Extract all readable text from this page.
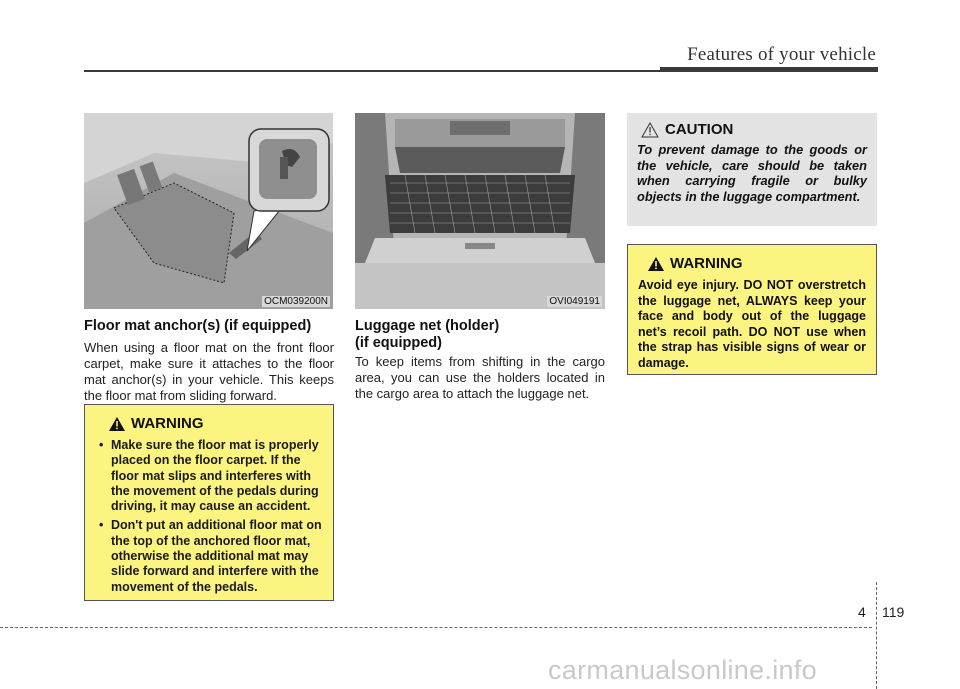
Features of your vehicle
OCM039200N	OVI049191
Floor mat anchor(s) (if equipped)
When using a floor mat on the front floor carpet, make sure it attaches to the floor mat anchor(s) in your vehicle. This keeps the floor mat from sliding forward.
WARNING
• Make sure the floor mat is properly placed on the floor carpet. If the floor mat slips and interferes with the movement of the pedals during driving, it may cause an accident.
• Don't put an additional floor mat on the top of the anchored floor mat, otherwise the additional mat may slide forward and interfere with the movement of the pedals.
Luggage net (holder)
(if equipped)
To keep items from shifting in the cargo area, you can use the holders located in the cargo area to attach the luggage net.
CAUTION
To prevent damage to the goods or the vehicle, care should be taken when carrying fragile or bulky objects in the luggage compartment.
WARNING
Avoid eye injury. DO NOT overstretch the luggage net, ALWAYS keep your face and body out of the luggage net’s recoil path. DO NOT use when the strap has visible signs of wear or damage.
4 119
carmanualsonline.info
